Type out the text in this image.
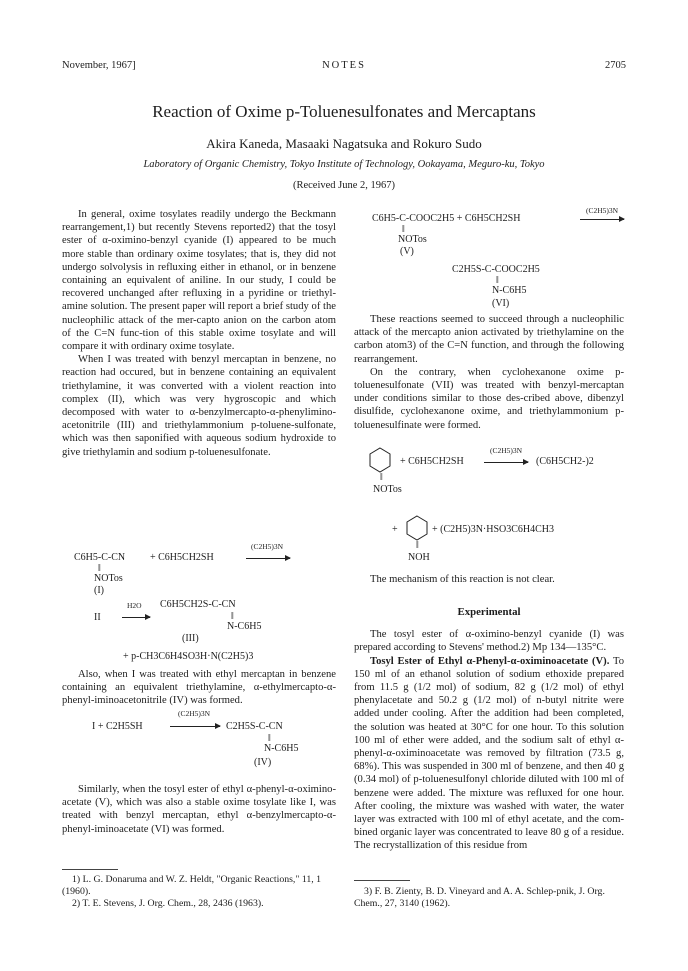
November, 1967]	NOTES	2705
Reaction of Oxime p-Toluenesulfonates and Mercaptans
Akira Kaneda, Masaaki Nagatsuka and Rokuro Sudo
Laboratory of Organic Chemistry, Tokyo Institute of Technology, Ookayama, Meguro-ku, Tokyo
(Received June 2, 1967)

In general, oxime tosylates readily undergo the Beckmann rearrangement,1) but recently Stevens reported2) that the tosyl ester of α-oximino-benzyl cyanide (I) appeared to be much more stable than ordinary oxime tosylates; that is, they did not undergo solvolysis in refluxing either in ethanol, or in benzene containing an equivalent of aniline. In our study, I could be recovered unchanged after refluxing in a pyridine or triethyl-amine solution. The present paper will report a brief study of the nucleophilic attack of the mer-capto anion on the carbon atom of the C=N func-tion of this stable oxime tosylate and will compare it with ordinary oxime tosylate.

When I was treated with benzyl mercaptan in benzene, no reaction had occured, but in benzene containing an equivalent triethylamine, it was converted with a violent reaction into complex (II), which was very hygroscopic and which decomposed with water to α-benzylmercapto-α-phenylimino-acetonitrile (III) and triethylammonium p-toluene-sulfonate, which was then saponified with aqueous sodium hydroxide to give triethylamin and sodium p-toluenesulfonate.

C6H5-C-CN
‖
NOTos
(I)
+ C6H5CH2SH
(C2H5)3N
II
H2O C6H5CH2S-C-CN
‖
N-C6H5
(III)
+ p-CH3C6H4SO3H·N(C2H5)3

Also, when I was treated with ethyl mercaptan in benzene containing an equivalent triethylamine, α-ethylmercapto-α-phenyl-iminoacetonitrile (IV) was formed.

I + C2H5SH
(C2H5)3N
→ C2H5S-C-CN
‖
N-C6H5
(IV)

Similarly, when the tosyl ester of ethyl α-phenyl-α-oximino-acetate (V), which was also a stable oxime tosylate like I, was treated with benzyl mercaptan, ethyl α-benzylmercapto-α-phenyl-iminoacetate (VI) was formed.

1) L. G. Donaruma and W. Z. Heldt, "Organic Reactions," 11, 1 (1960).
2) T. E. Stevens, J. Org. Chem., 28, 2436 (1963).
(C2H5)3N
C6H5-C-COOC2H5 + C6H5CH2SH
‖
NOTos
(V)
C2H5S-C-COOC2H5
‖
N-C6H5
(VI)

These reactions seemed to succeed through a nucleophilic attack of the mercapto anion activated by triethylamine on the carbon atom3) of the C=N function, and through the following rearrangement.

On the contrary, when cyclohexanone oxime p-toluenesulfonate (VII) was treated with benzyl-mercaptan under conditions similar to those des-cribed above, dibenzyl disulfide, cyclohexanone oxime, and triethylammonium p-toluenesulfinate were formed.

‖
NOTos
+ C6H5CH2SH
(C2H5)3N
→ (C6H5CH2-)2
+
‖
NOH
+ (C2H5)3N·HSO3C6H4CH3

The mechanism of this reaction is not clear.

Experimental

The tosyl ester of α-oximino-benzyl cyanide (I) was prepared according to Stevens' method.2) Mp 134—135°C.

Tosyl Ester of Ethyl α-Phenyl-α-oximinoacetate (V). To 150 ml of an ethanol solution of sodium ethoxide prepared from 11.5 g (1/2 mol) of sodium, 82 g (1/2 mol) of ethyl phenylacetate and 50.2 g (1/2 mol) of n-butyl nitrite were added under cooling. After the addition had been completed, the solution was heated at 30°C for one hour. To this solution 100 ml of ether were added, and the sodium salt of ethyl α-phenyl-α-oximinoacetate was removed by filtration (73.5 g, 68%). This was suspended in 300 ml of benzene, and then 40 g (0.34 mol) of p-toluenesulfonyl chloride diluted with 100 ml of benzene were added. The mixture was refluxed for one hour. After cooling, the mixture was washed with water, the water layer was extracted with 100 ml of ethyl acetate, and the com-bined organic layer was concentrated to leave 80 g of a residue. The recrystallization of this residue from

3) F. B. Zienty, B. D. Vineyard and A. A. Schlep-pnik, J. Org. Chem., 27, 3140 (1962).
